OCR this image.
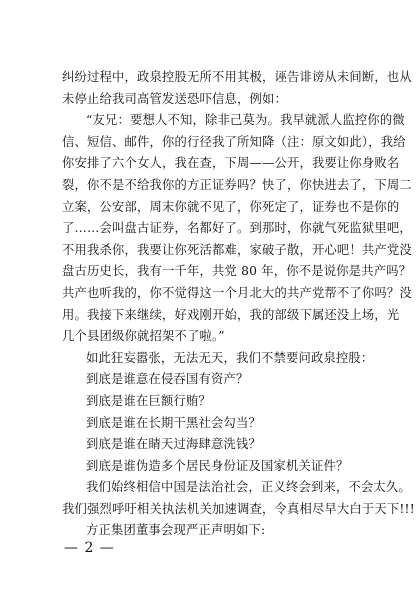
纠纷过程中，政泉控股无所不用其极，诬告诽谤从未间断，也从
未停止给我司高管发送恐吓信息，例如：
“友兄：要想人不知，除非己莫为。我早就派人监控你的微
信、短信、邮件，你的行径我了所知降（注：原文如此），我给
你安排了六个女人，我在查，下周——公开，我要让你身败名
裂，你不是不给我你的方正证券吗？快了，你快进去了，下周二
立案，公安部，周末你就不见了，你死定了，证券也不是你的
了……会叫盘古证券，名都好了。到那时，你就气死监狱里吧，
不用我杀你，我要让你死活都难，家破子散，开心吧！共产党没
盘古历史长，我有一千年，共党 80 年，你不是说你是共产吗？
共产也听我的，你不觉得这一个月北大的共产党帮不了你吗？没
用。我接下来继续，好戏刚开始，我的部级下属还没上场，光
几个县团级你就招架不了啦。”
如此狂妄嚣张，无法无天，我们不禁要问政泉控股：
到底是谁意在侵吞国有资产？
到底是谁在巨额行贿？
到底是谁在长期干黑社会勾当？
到底是谁在睛天过海肆意洗钱？
到底是谁伪造多个居民身份证及国家机关证件？
我们始终相信中国是法治社会，正义终会到来，不会太久。
我们强烈呼吁相关执法机关加速调查，令真相尽早大白于天下!!!
方正集团董事会现严正声明如下:
— 2 —
